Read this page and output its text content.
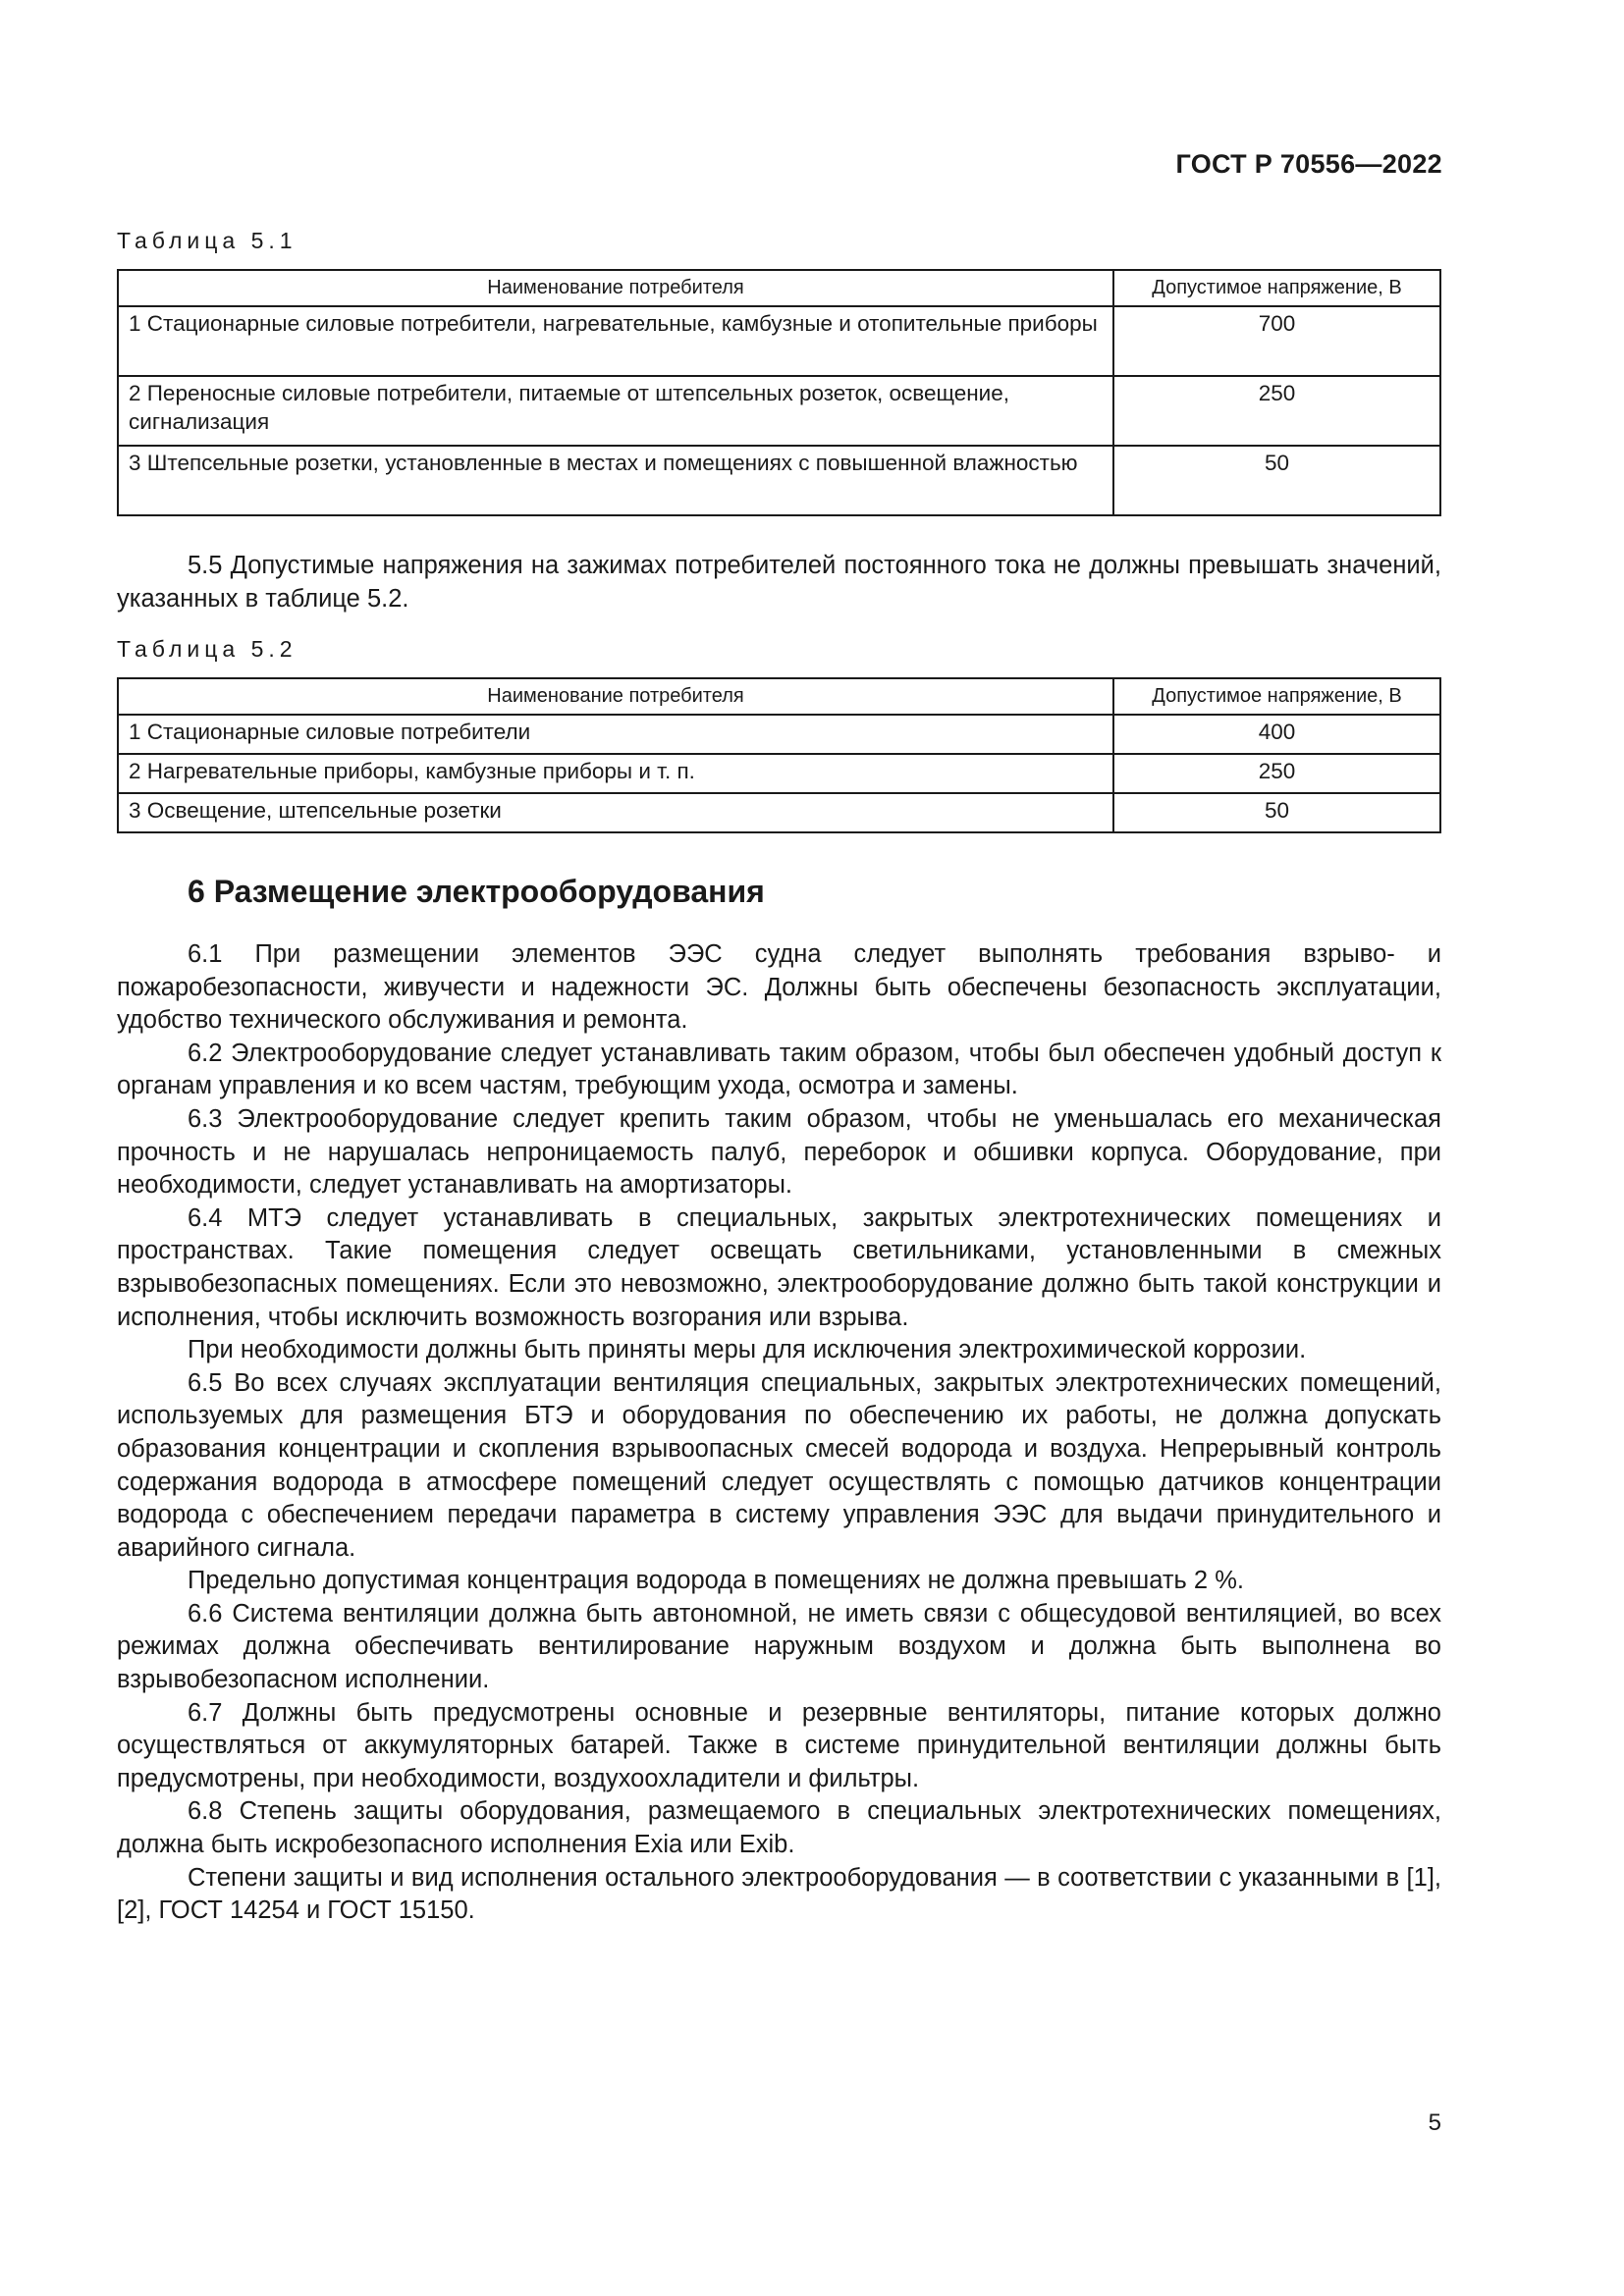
ГОСТ Р 70556—2022
Таблица 5.1
Наименование потребителя	Допустимое напряжение, В
1 Стационарные силовые потребители, нагревательные, камбузные и отопительные приборы	700
2 Переносные силовые потребители, питаемые от штепсельных розеток, освещение, сигнализация	250
3 Штепсельные розетки, установленные в местах и помещениях с повышенной влажностью	50

5.5 Допустимые напряжения на зажимах потребителей постоянного тока не должны превышать значений, указанных в таблице 5.2.

Таблица 5.2
Наименование потребителя	Допустимое напряжение, В
1 Стационарные силовые потребители	400
2 Нагревательные приборы, камбузные приборы и т. п.	250
3 Освещение, штепсельные розетки	50
6 Размещение электрооборудования

6.1 При размещении элементов ЭЭС судна следует выполнять требования взрыво- и пожаробезопасности, живучести и надежности ЭС. Должны быть обеспечены безопасность эксплуатации, удобство технического обслуживания и ремонта.

6.2 Электрооборудование следует устанавливать таким образом, чтобы был обеспечен удобный доступ к органам управления и ко всем частям, требующим ухода, осмотра и замены.

6.3 Электрооборудование следует крепить таким образом, чтобы не уменьшалась его механическая прочность и не нарушалась непроницаемость палуб, переборок и обшивки корпуса. Оборудование, при необходимости, следует устанавливать на амортизаторы.

6.4 МТЭ следует устанавливать в специальных, закрытых электротехнических помещениях и пространствах. Такие помещения следует освещать светильниками, установленными в смежных взрывобезопасных помещениях. Если это невозможно, электрооборудование должно быть такой конструкции и исполнения, чтобы исключить возможность возгорания или взрыва.

При необходимости должны быть приняты меры для исключения электрохимической коррозии.

6.5 Во всех случаях эксплуатации вентиляция специальных, закрытых электротехнических помещений, используемых для размещения БТЭ и оборудования по обеспечению их работы, не должна допускать образования концентрации и скопления взрывоопасных смесей водорода и воздуха. Непрерывный контроль содержания водорода в атмосфере помещений следует осуществлять с помощью датчиков концентрации водорода с обеспечением передачи параметра в систему управления ЭЭС для выдачи принудительного и аварийного сигнала.

Предельно допустимая концентрация водорода в помещениях не должна превышать 2 %.

6.6 Система вентиляции должна быть автономной, не иметь связи с общесудовой вентиляцией, во всех режимах должна обеспечивать вентилирование наружным воздухом и должна быть выполнена во взрывобезопасном исполнении.

6.7 Должны быть предусмотрены основные и резервные вентиляторы, питание которых должно осуществляться от аккумуляторных батарей. Также в системе принудительной вентиляции должны быть предусмотрены, при необходимости, воздухоохладители и фильтры.

6.8 Степень защиты оборудования, размещаемого в специальных электротехнических помещениях, должна быть искробезопасного исполнения Exia или Exib.

Степени защиты и вид исполнения остального электрооборудования — в соответствии с указанными в [1], [2], ГОСТ 14254 и ГОСТ 15150.

5
